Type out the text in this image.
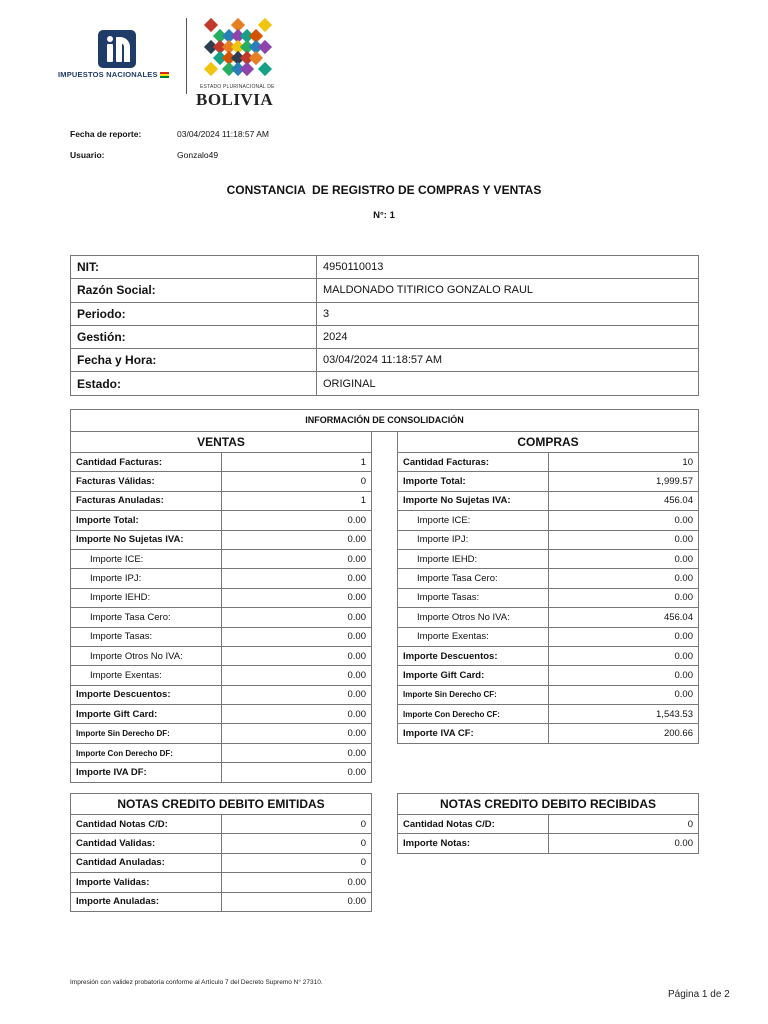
IMPUESTOS NACIONALES
ESTADO PLURINACIONAL DE
BOLIVIA
Fecha de reporte:	03/04/2024 11:18:57 AM
Usuario:	Gonzalo49
CONSTANCIA  DE REGISTRO DE COMPRAS Y VENTAS
N°: 1
NIT:	4950110013
Razón Social:	MALDONADO TITIRICO GONZALO RAUL
Periodo:	3
Gestión:	2024
Fecha y Hora:	03/04/2024 11:18:57 AM
Estado:	ORIGINAL
INFORMACIÓN DE CONSOLIDACIÓN
VENTAS	
Cantidad Facturas:	1
Facturas Válidas:	0
Facturas Anuladas:	1
Importe Total:	0.00
Importe No Sujetas IVA:	0.00
Importe ICE:	0.00
Importe IPJ:	0.00
Importe IEHD:	0.00
Importe Tasa Cero:	0.00
Importe Tasas:	0.00
Importe Otros No IVA:	0.00
Importe Exentas:	0.00
Importe Descuentos:	0.00
Importe Gift Card:	0.00
Importe Sin Derecho DF:	0.00
Importe Con Derecho DF:	0.00
Importe IVA DF:	0.00
COMPRAS	
Cantidad Facturas:	10
Importe Total:	1,999.57
Importe No Sujetas IVA:	456.04
Importe ICE:	0.00
Importe IPJ:	0.00
Importe IEHD:	0.00
Importe Tasa Cero:	0.00
Importe Tasas:	0.00
Importe Otros No IVA:	456.04
Importe Exentas:	0.00
Importe Descuentos:	0.00
Importe Gift Card:	0.00
Importe Sin Derecho CF:	0.00
Importe Con Derecho CF:	1,543.53
Importe IVA CF:	200.66
NOTAS CREDITO DEBITO EMITIDAS	
Cantidad Notas C/D:	0
Cantidad Validas:	0
Cantidad Anuladas:	0
Importe Validas:	0.00
Importe Anuladas:	0.00
NOTAS CREDITO DEBITO RECIBIDAS	
Cantidad Notas C/D:	0
Importe Notas:	0.00
Impresión con validez probatoria conforme al Artículo 7 del Decreto Supremo N° 27310.
Página 1 de 2
